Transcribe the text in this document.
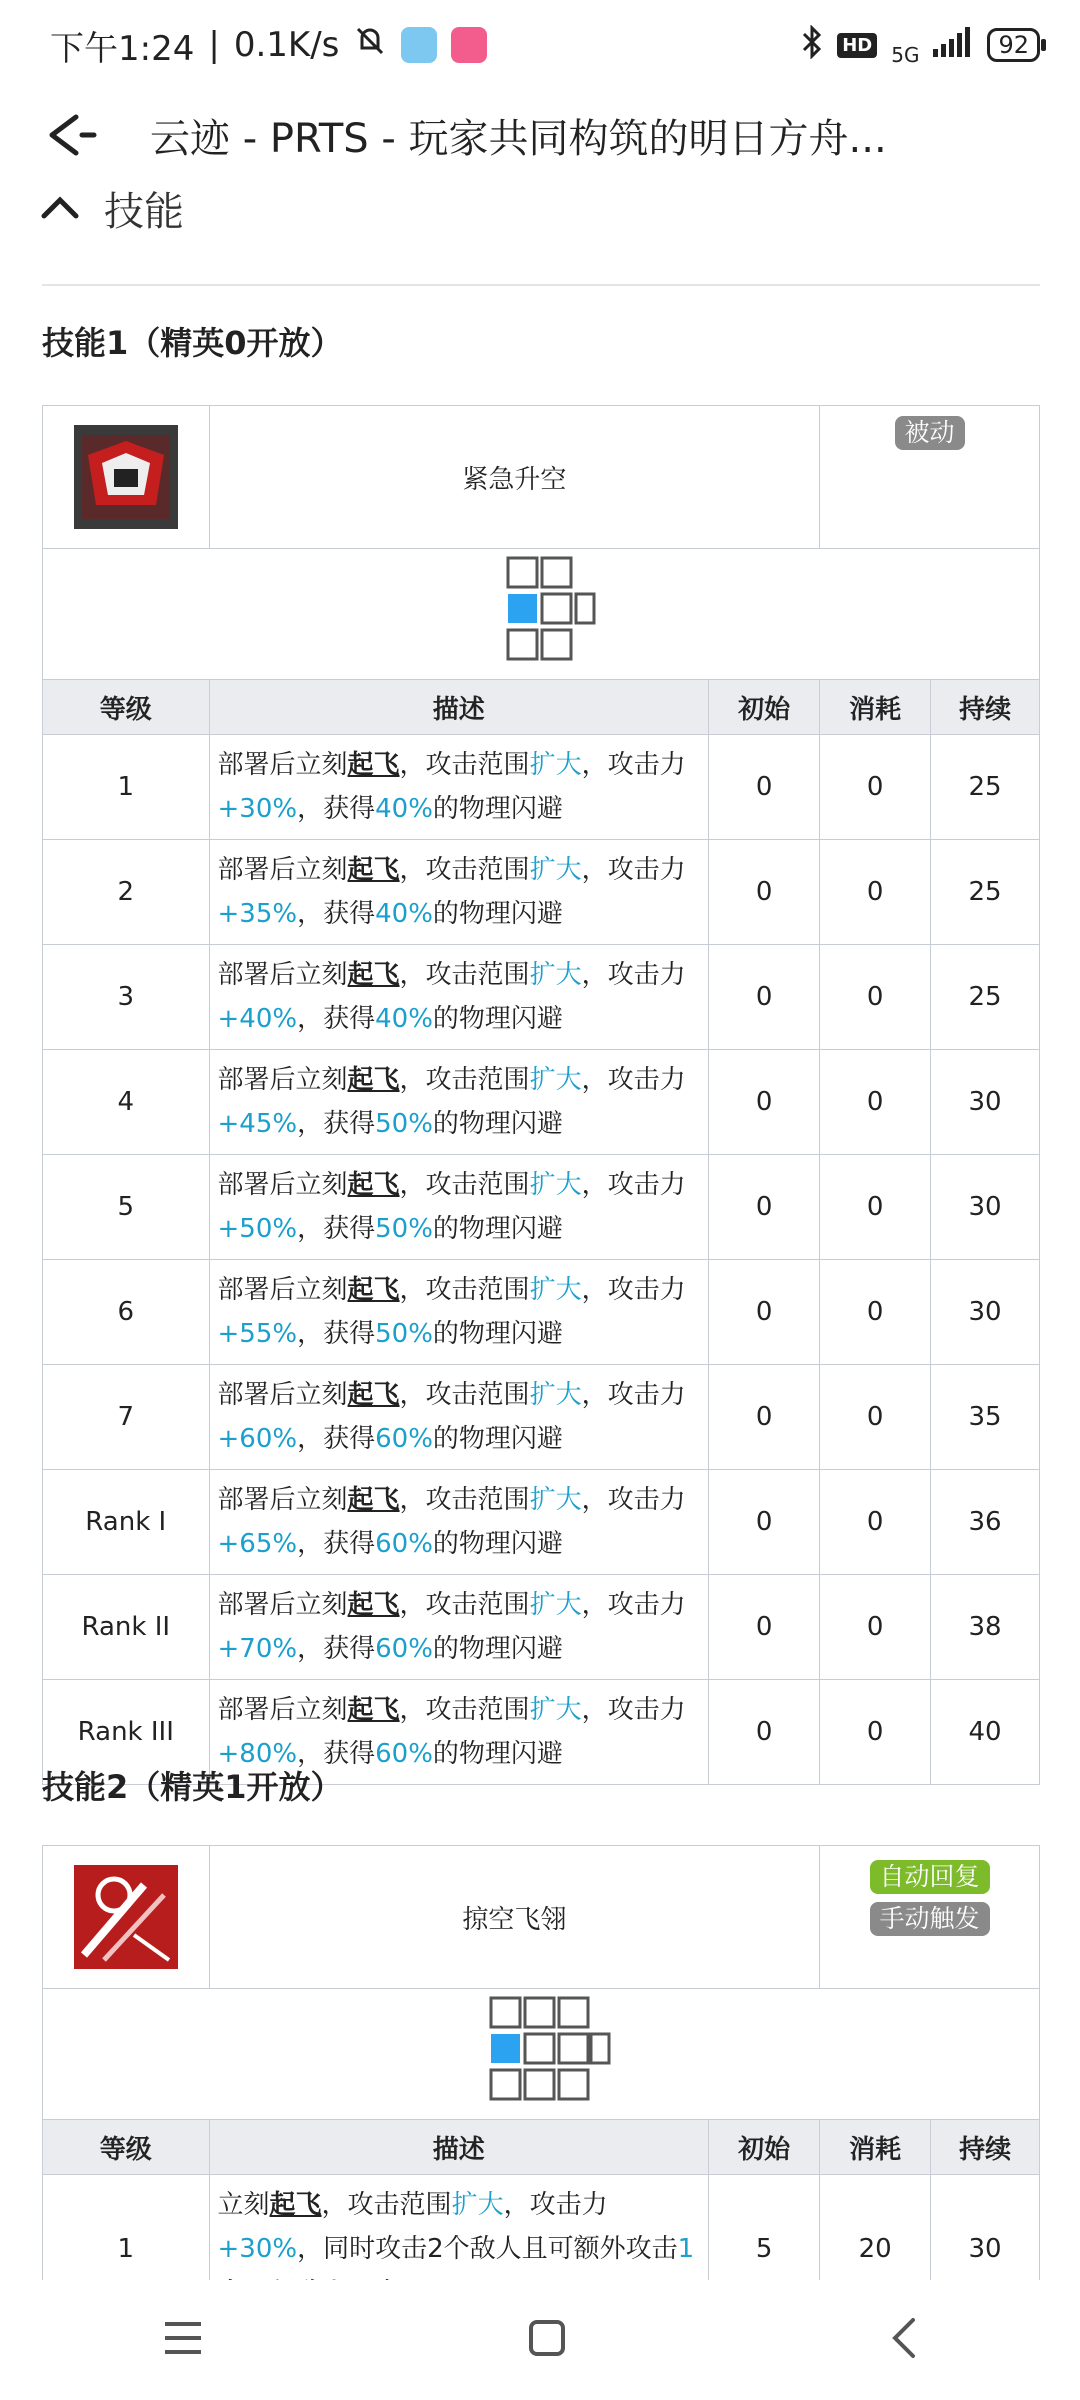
下午1:24 | 0.1K/s	HD 5G	92
云迹 - PRTS - 玩家共同构筑的明日方舟...
技能
技能1（精英0开放）
	紧急升空		被动	

等级	描述	初始	消耗	持续
1	部署后立刻起飞，攻击范围扩大，攻击力
+30%，获得40%的物理闪避	0	0	25
2	部署后立刻起飞，攻击范围扩大，攻击力
+35%，获得40%的物理闪避	0	0	25
3	部署后立刻起飞，攻击范围扩大，攻击力
+40%，获得40%的物理闪避	0	0	25
4	部署后立刻起飞，攻击范围扩大，攻击力
+45%，获得50%的物理闪避	0	0	30
5	部署后立刻起飞，攻击范围扩大，攻击力
+50%，获得50%的物理闪避	0	0	30
6	部署后立刻起飞，攻击范围扩大，攻击力
+55%，获得50%的物理闪避	0	0	30
7	部署后立刻起飞，攻击范围扩大，攻击力
+60%，获得60%的物理闪避	0	0	35
Rank I	部署后立刻起飞，攻击范围扩大，攻击力
+65%，获得60%的物理闪避	0	0	36
Rank II	部署后立刻起飞，攻击范围扩大，攻击力
+70%，获得60%的物理闪避	0	0	38
Rank III	部署后立刻起飞，攻击范围扩大，攻击力
+80%，获得60%的物理闪避	0	0	40
技能2（精英1开放）
	掠空飞翎		自动回复
手动触发	

等级	描述	初始	消耗	持续
1	立刻起飞，攻击范围扩大，攻击力+30%，同时攻击2个敌人且可额外攻击1	5	20	30
